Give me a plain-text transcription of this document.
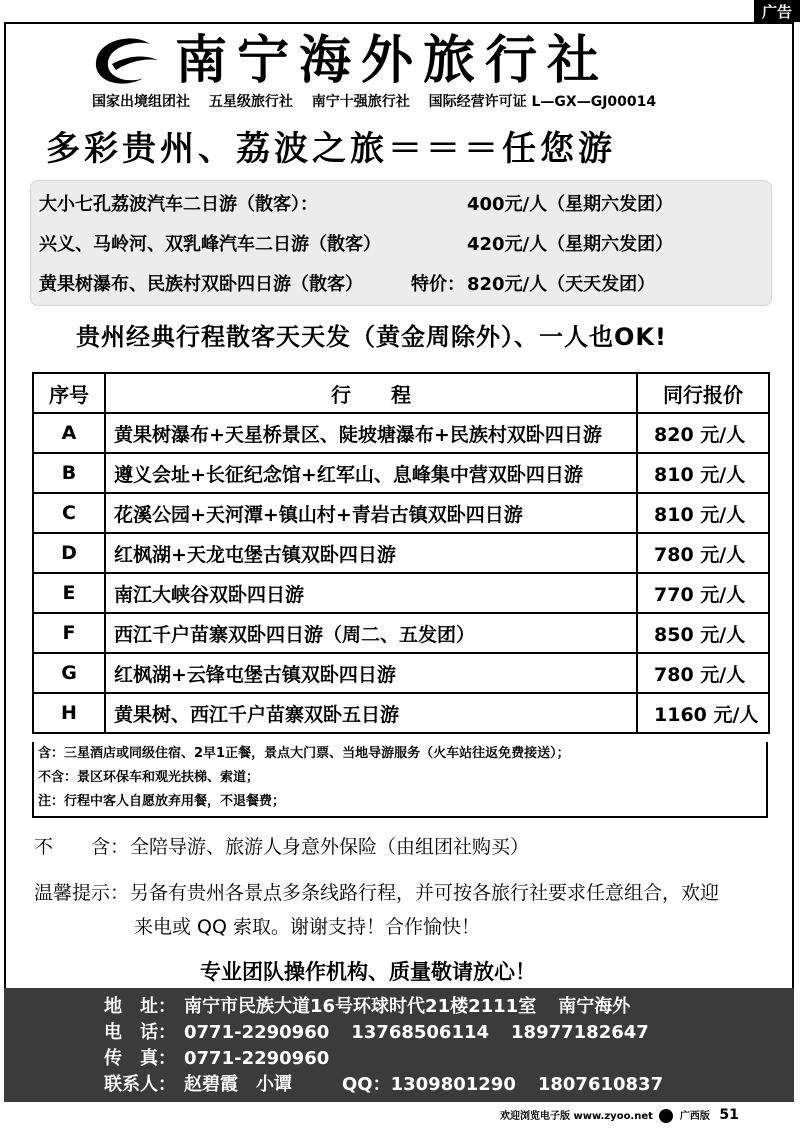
广告
南宁海外旅行社
国家出境组团社 五星级旅行社 南宁十强旅行社 国际经营许可证 L—GX—GJ00014
多彩贵州、荔波之旅＝＝＝任您游
大小七孔荔波汽车二日游（散客）：	400元/人（星期六发团）
兴义、马岭河、双乳峰汽车二日游（散客）	420元/人（星期六发团）
黄果树瀑布、民族村双卧四日游（散客）	特价： 820元/人（天天发团）
贵州经典行程散客天天发（黄金周除外）、一人也OK!
序号	行　　程	同行报价
A	黄果树瀑布+天星桥景区、陡坡塘瀑布+民族村双卧四日游	820 元/人
B	遵义会址+长征纪念馆+红军山、息峰集中营双卧四日游	810 元/人
C	花溪公园+天河潭+镇山村+青岩古镇双卧四日游	810 元/人
D	红枫湖+天龙屯堡古镇双卧四日游	780 元/人
E	南江大峡谷双卧四日游	770 元/人
F	西江千户苗寨双卧四日游（周二、五发团）	850 元/人
G	红枫湖+云锋屯堡古镇双卧四日游	780 元/人
H	黄果树、西江千户苗寨双卧五日游	1160 元/人
含：三星酒店或同级住宿、2早1正餐，景点大门票、当地导游服务（火车站往返免费接送）；
不含：景区环保车和观光扶梯、索道；
注：行程中客人自愿放弃用餐，不退餐费；
不　　含：全陪导游、旅游人身意外保险（由组团社购买）
温馨提示：另备有贵州各景点多条线路行程，并可按各旅行社要求任意组合，欢迎
来电或 QQ 索取。谢谢支持！合作愉快！
专业团队操作机构、质量敬请放心！
地　址： 南宁市民族大道16号环球时代21楼2111室 南宁海外
电　话： 0771-2290960 13768506114 18977182647
传　真： 0771-2290960
联系人： 赵碧霞　小谭	QQ：1309801290 1807610837
欢迎浏览电子版 www.zyoo.net	广西版 51
